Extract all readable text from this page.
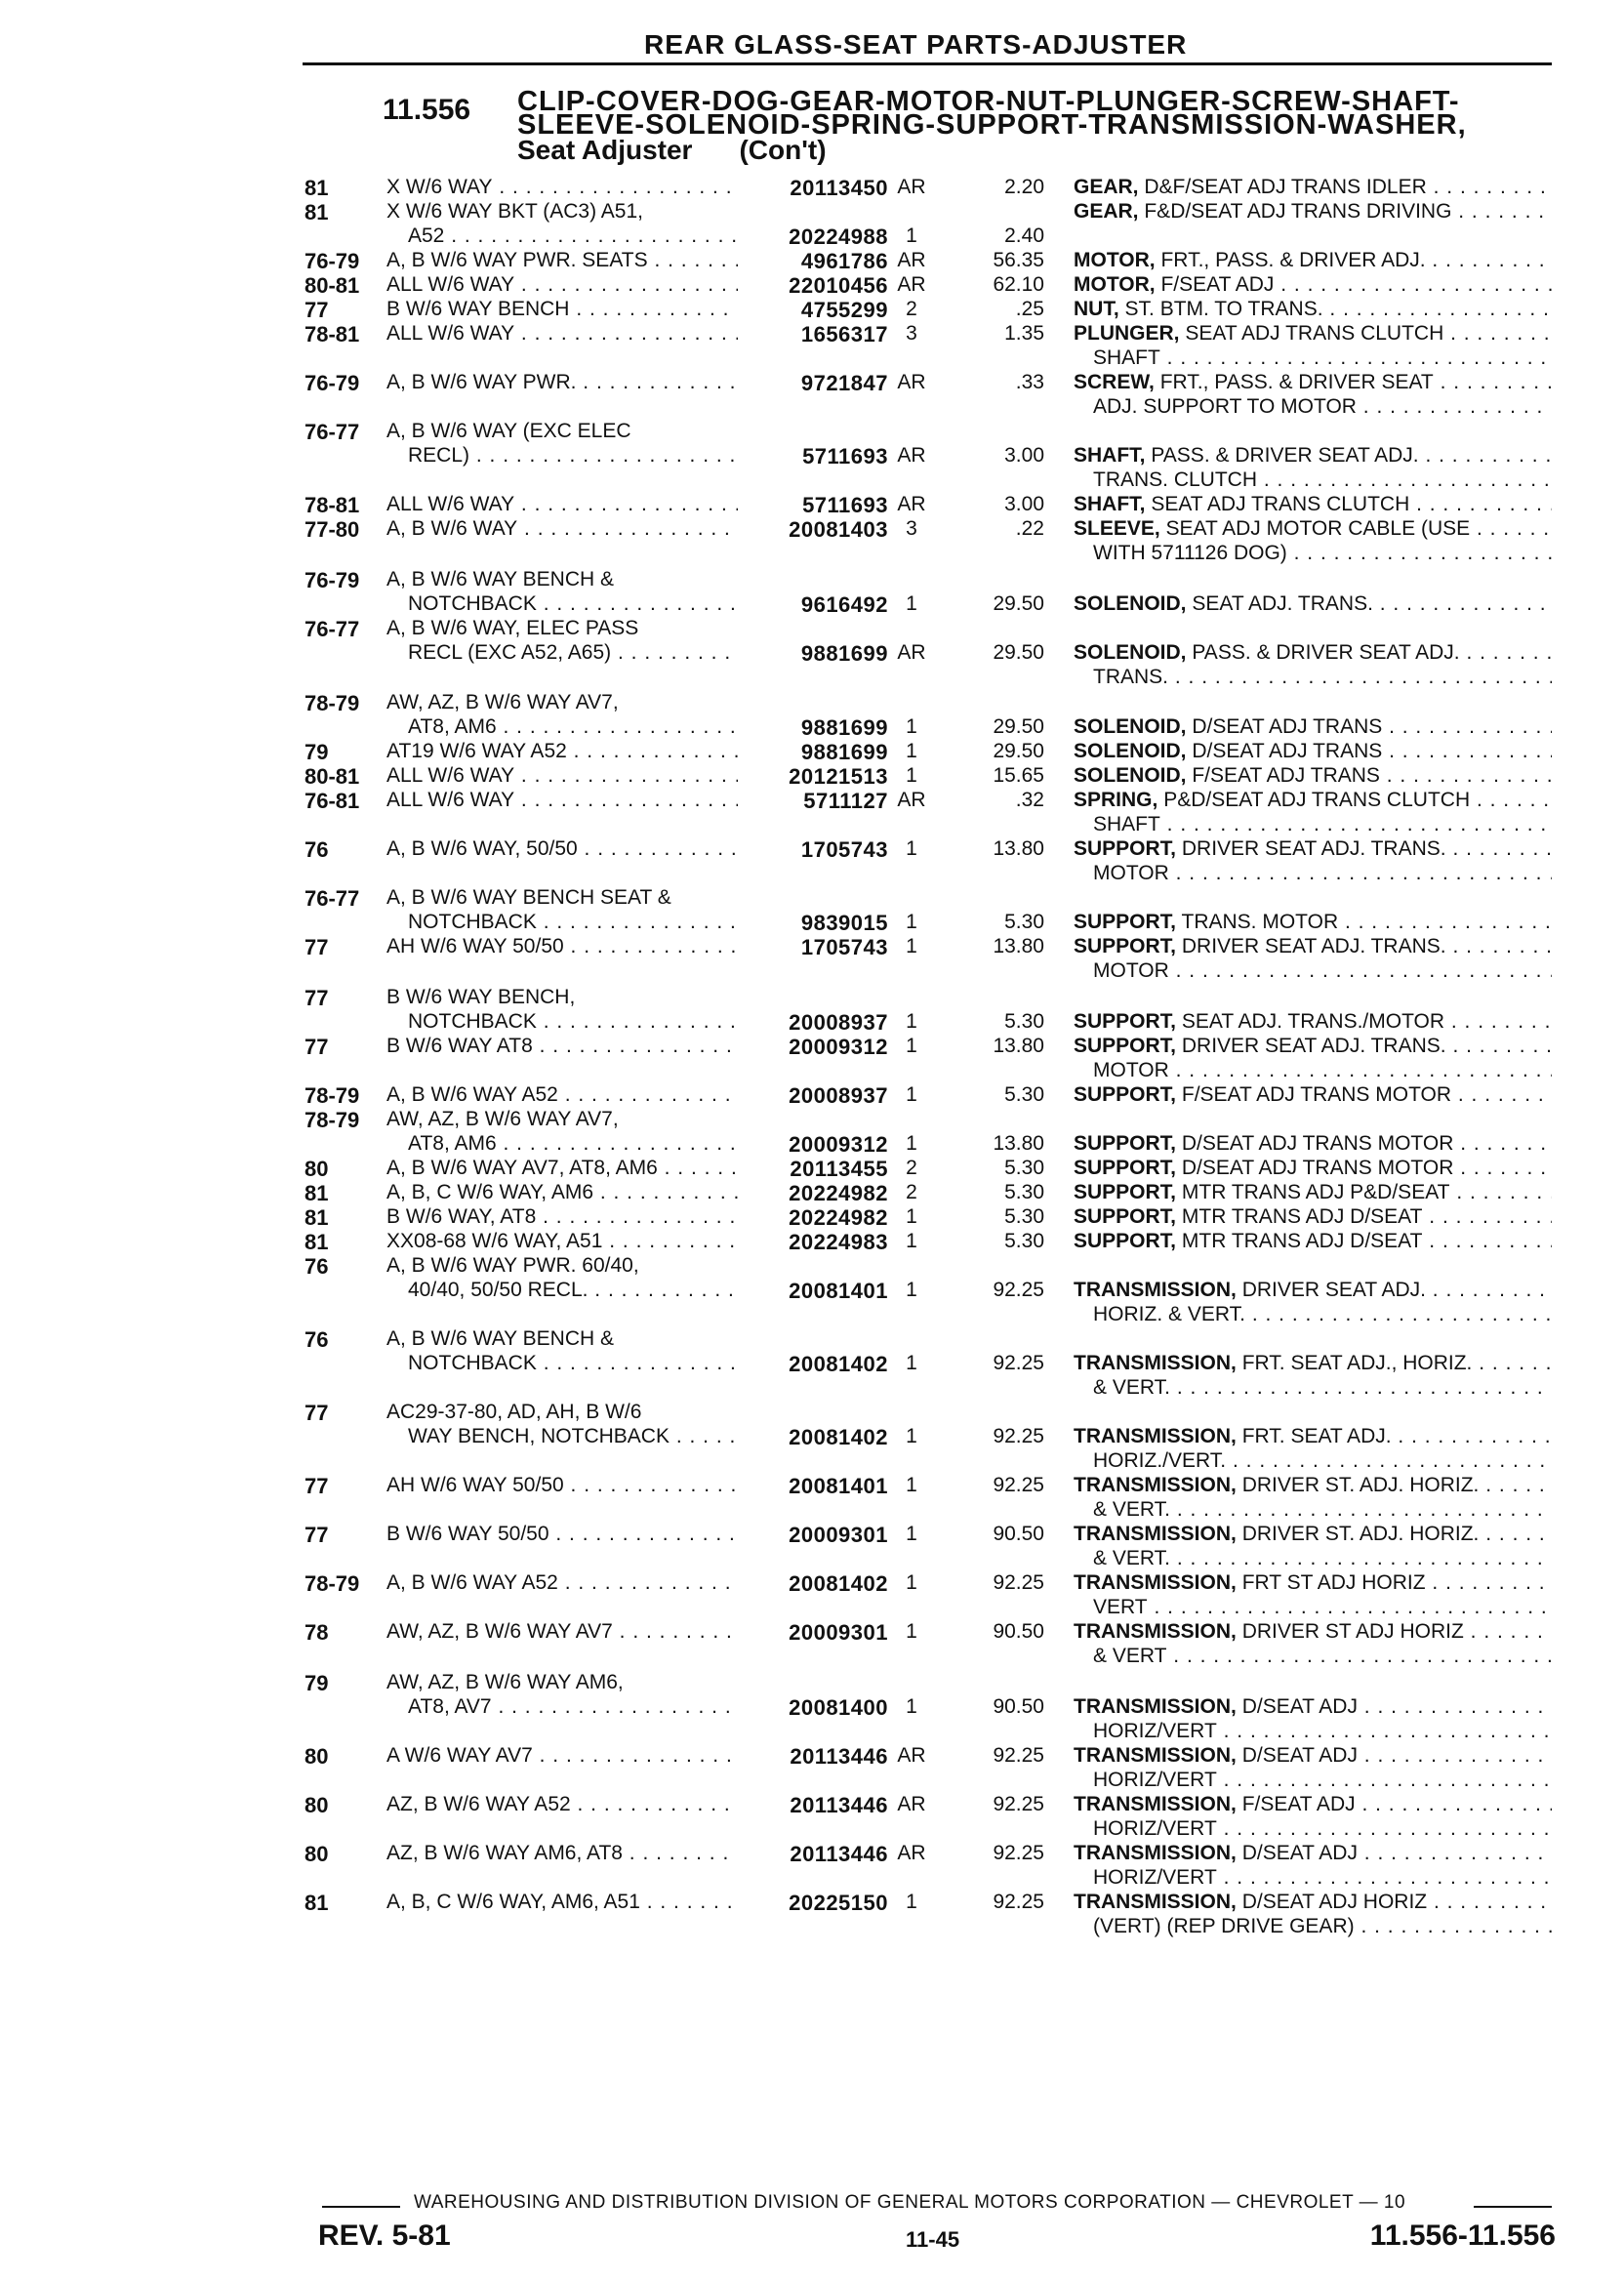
REAR GLASS-SEAT PARTS-ADJUSTER
11.556 CLIP-COVER-DOG-GEAR-MOTOR-NUT-PLUNGER-SCREW-SHAFT-
SLEEVE-SOLENOID-SPRING-SUPPORT-TRANSMISSION-WASHER,
Seat Adjuster (Con't)
81	X W/6 WAY . . .	20113450 AR	2.20 GEAR, D&F/SEAT ADJ TRANS IDLER . . .
81	X W/6 WAY BKT (AC3) A51,	GEAR, F&D/SEAT ADJ TRANS DRIVING . . .
A52 . . .	20224988 1	2.40
76-79	A, B W/6 WAY PWR. SEATS . . .	4961786 AR	56.35 MOTOR, FRT., PASS. & DRIVER ADJ. . . .
80-81	ALL W/6 WAY . . .	22010456 AR	62.10 MOTOR, F/SEAT ADJ . . .
77	B W/6 WAY BENCH . . .	4755299 2	.25 NUT, ST. BTM. TO TRANS. . . .
78-81	ALL W/6 WAY . . .	1656317 3	1.35 PLUNGER, SEAT ADJ TRANS CLUTCH . . .
SHAFT . . .
76-79	A, B W/6 WAY PWR. . . .	9721847 AR	.33 SCREW, FRT., PASS. & DRIVER SEAT . . .
ADJ. SUPPORT TO MOTOR . . .
76-77	A, B W/6 WAY (EXC ELEC
RECL) . . .	5711693 AR	3.00 SHAFT, PASS. & DRIVER SEAT ADJ. . . .
TRANS. CLUTCH . . .
78-81	ALL W/6 WAY . . .	5711693 AR	3.00 SHAFT, SEAT ADJ TRANS CLUTCH . . .
77-80	A, B W/6 WAY . . .	20081403 3	.22 SLEEVE, SEAT ADJ MOTOR CABLE (USE . . .
WITH 5711126 DOG) . . .
76-79	A, B W/6 WAY BENCH &
NOTCHBACK . . .	9616492 1	29.50 SOLENOID, SEAT ADJ. TRANS. . . .
76-77	A, B W/6 WAY, ELEC PASS
RECL (EXC A52, A65) . . .	9881699 AR	29.50 SOLENOID, PASS. & DRIVER SEAT ADJ. . . .
TRANS. . . .
78-79	AW, AZ, B W/6 WAY AV7,
AT8, AM6 . . .	9881699 1	29.50 SOLENOID, D/SEAT ADJ TRANS . . .
79	AT19 W/6 WAY A52 . . .	9881699 1	29.50 SOLENOID, D/SEAT ADJ TRANS . . .
80-81	ALL W/6 WAY . . .	20121513 1	15.65 SOLENOID, F/SEAT ADJ TRANS . . .
76-81	ALL W/6 WAY . . .	5711127 AR	.32 SPRING, P&D/SEAT ADJ TRANS CLUTCH . . .
SHAFT . . .
76	A, B W/6 WAY, 50/50 . . .	1705743 1	13.80 SUPPORT, DRIVER SEAT ADJ. TRANS. . . .
MOTOR . . .
76-77	A, B W/6 WAY BENCH SEAT &
NOTCHBACK . . .	9839015 1	5.30 SUPPORT, TRANS. MOTOR . . .
77	AH W/6 WAY 50/50 . . .	1705743 1	13.80 SUPPORT, DRIVER SEAT ADJ. TRANS. . . .
MOTOR . . .
77	B W/6 WAY BENCH,
NOTCHBACK . . .	20008937 1	5.30 SUPPORT, SEAT ADJ. TRANS./MOTOR . . .
77	B W/6 WAY AT8 . . .	20009312 1	13.80 SUPPORT, DRIVER SEAT ADJ. TRANS. . . .
MOTOR . . .
78-79	A, B W/6 WAY A52 . . .	20008937 1	5.30 SUPPORT, F/SEAT ADJ TRANS MOTOR . . .
78-79	AW, AZ, B W/6 WAY AV7,
AT8, AM6 . . .	20009312 1	13.80 SUPPORT, D/SEAT ADJ TRANS MOTOR . . .
80	A, B W/6 WAY AV7, AT8, AM6 . . .	20113455 2	5.30 SUPPORT, D/SEAT ADJ TRANS MOTOR . . .
81	A, B, C W/6 WAY, AM6 . . .	20224982 2	5.30 SUPPORT, MTR TRANS ADJ P&D/SEAT . . .
81	B W/6 WAY, AT8 . . .	20224982 1	5.30 SUPPORT, MTR TRANS ADJ D/SEAT . . .
81	XX08-68 W/6 WAY, A51 . . .	20224983 1	5.30 SUPPORT, MTR TRANS ADJ D/SEAT . . .
76	A, B W/6 WAY PWR. 60/40,
40/40, 50/50 RECL. . . .	20081401 1	92.25 TRANSMISSION, DRIVER SEAT ADJ. . . .
HORIZ. & VERT. . . .
76	A, B W/6 WAY BENCH &
NOTCHBACK . . .	20081402 1	92.25 TRANSMISSION, FRT. SEAT ADJ., HORIZ. . . .
& VERT. . . .
77	AC29-37-80, AD, AH, B W/6
WAY BENCH, NOTCHBACK . . .	20081402 1	92.25 TRANSMISSION, FRT. SEAT ADJ. . . .
HORIZ./VERT. . . .
77	AH W/6 WAY 50/50 . . .	20081401 1	92.25 TRANSMISSION, DRIVER ST. ADJ. HORIZ. . . .
& VERT. . . .
77	B W/6 WAY 50/50 . . .	20009301 1	90.50 TRANSMISSION, DRIVER ST. ADJ. HORIZ. . . .
& VERT. . . .
78-79	A, B W/6 WAY A52 . . .	20081402 1	92.25 TRANSMISSION, FRT ST ADJ HORIZ . . .
VERT . . .
78	AW, AZ, B W/6 WAY AV7 . . .	20009301 1	90.50 TRANSMISSION, DRIVER ST ADJ HORIZ . . .
& VERT . . .
79	AW, AZ, B W/6 WAY AM6,
AT8, AV7 . . .	20081400 1	90.50 TRANSMISSION, D/SEAT ADJ . . .
HORIZ/VERT . . .
80	A W/6 WAY AV7 . . .	20113446 AR	92.25 TRANSMISSION, D/SEAT ADJ . . .
HORIZ/VERT . . .
80	AZ, B W/6 WAY A52 . . .	20113446 AR	92.25 TRANSMISSION, F/SEAT ADJ . . .
HORIZ/VERT . . .
80	AZ, B W/6 WAY AM6, AT8 . . .	20113446 AR	92.25 TRANSMISSION, D/SEAT ADJ . . .
HORIZ/VERT . . .
81	A, B, C W/6 WAY, AM6, A51 . . .	20225150 1	92.25 TRANSMISSION, D/SEAT ADJ HORIZ . . .
(VERT) (REP DRIVE GEAR) . . .
WAREHOUSING AND DISTRIBUTION DIVISION OF GENERAL MOTORS CORPORATION — CHEVROLET — 10
REV. 5-81	11-45	11.556-11.556
